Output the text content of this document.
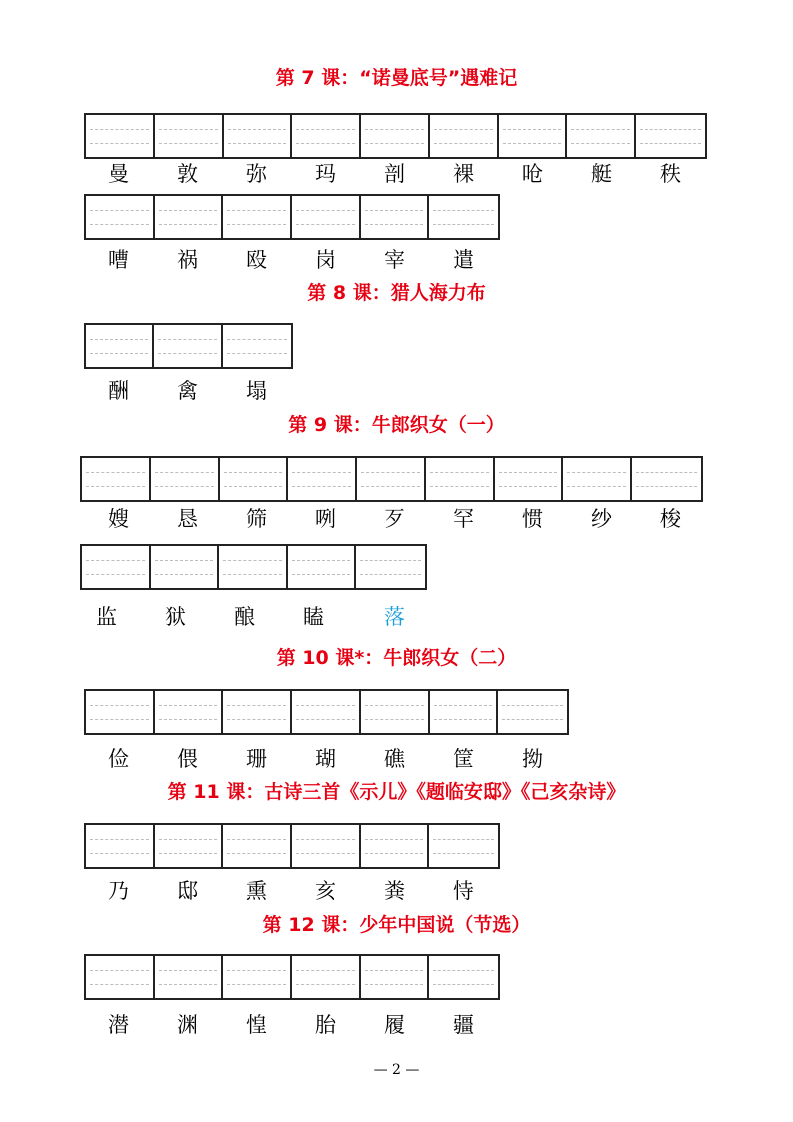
第 7 课：“诺曼底号”遇难记
曼	敦	弥	玛	剖	裸	呛	艇	秩
嘈	祸	殴	岗	宰	遣
第 8 课：猎人海力布
酬	禽	塌
第 9 课：牛郎织女（一）
嫂	恳	筛	咧	歹	罕	惯	纱	梭
监	狱	酿	瞌	落
第 10 课*：牛郎织女（二）
俭	偎	珊	瑚	礁	筐	拗
第 11 课：古诗三首《示儿》《题临安邸》《己亥杂诗》
乃	邸	熏	亥	粪	恃
第 12 课：少年中国说（节选）
潜	渊	惶	胎	履	疆
— 2 —
